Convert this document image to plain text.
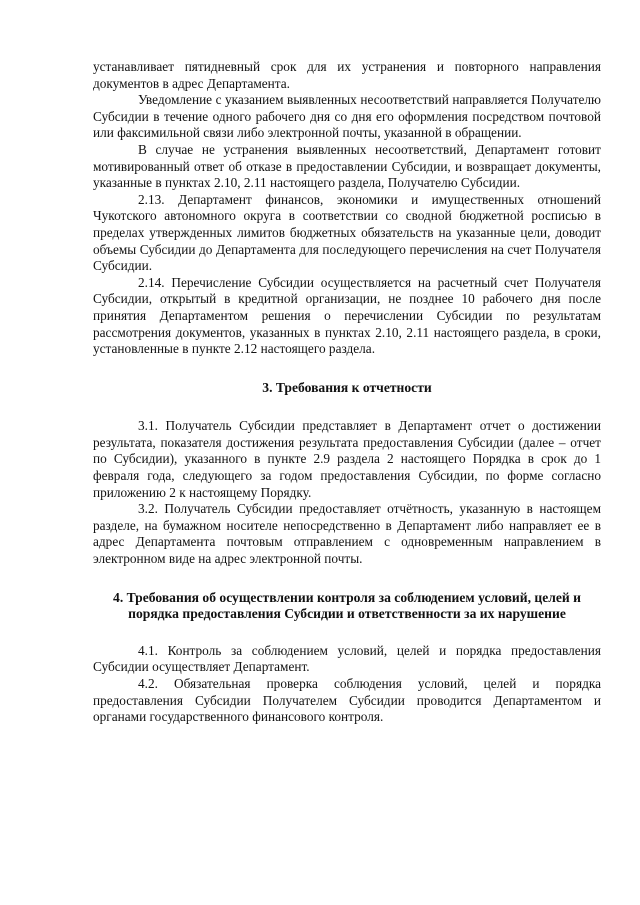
устанавливает пятидневный срок для их устранения и повторного направления документов в адрес Департамента.

Уведомление с указанием выявленных несоответствий направляется Получателю Субсидии в течение одного рабочего дня со дня его оформления посредством почтовой или факсимильной связи либо электронной почты, указанной в обращении.

В случае не устранения выявленных несоответствий, Департамент готовит мотивированный ответ об отказе в предоставлении Субсидии, и возвращает документы, указанные в пунктах 2.10, 2.11 настоящего раздела, Получателю Субсидии.

2.13. Департамент финансов, экономики и имущественных отношений Чукотского автономного округа в соответствии со сводной бюджетной росписью в пределах утвержденных лимитов бюджетных обязательств на указанные цели, доводит объемы Субсидии до Департамента для последующего перечисления на счет Получателя Субсидии.

2.14. Перечисление Субсидии осуществляется на расчетный счет Получателя Субсидии, открытый в кредитной организации, не позднее 10 рабочего дня после принятия Департаментом решения о перечислении Субсидии по результатам рассмотрения документов, указанных в пунктах 2.10, 2.11 настоящего раздела, в сроки, установленные в пункте 2.12 настоящего раздела.

3. Требования к отчетности

3.1. Получатель Субсидии представляет в Департамент отчет о достижении результата, показателя достижения результата предоставления Субсидии (далее – отчет по Субсидии), указанного в пункте 2.9 раздела 2 настоящего Порядка в срок до 1 февраля года, следующего за годом предоставления Субсидии, по форме согласно приложению 2 к настоящему Порядку.

3.2. Получатель Субсидии предоставляет отчётность, указанную в настоящем разделе, на бумажном носителе непосредственно в Департамент либо направляет ее в адрес Департамента почтовым отправлением с одновременным направлением в электронном виде на адрес электронной почты.

4. Требования об осуществлении контроля за соблюдением условий, целей и порядка предоставления Субсидии и ответственности за их нарушение

4.1. Контроль за соблюдением условий, целей и порядка предоставления Субсидии осуществляет Департамент.

4.2. Обязательная проверка соблюдения условий, целей и порядка предоставления Субсидии Получателем Субсидии проводится Департаментом и органами государственного финансового контроля.
